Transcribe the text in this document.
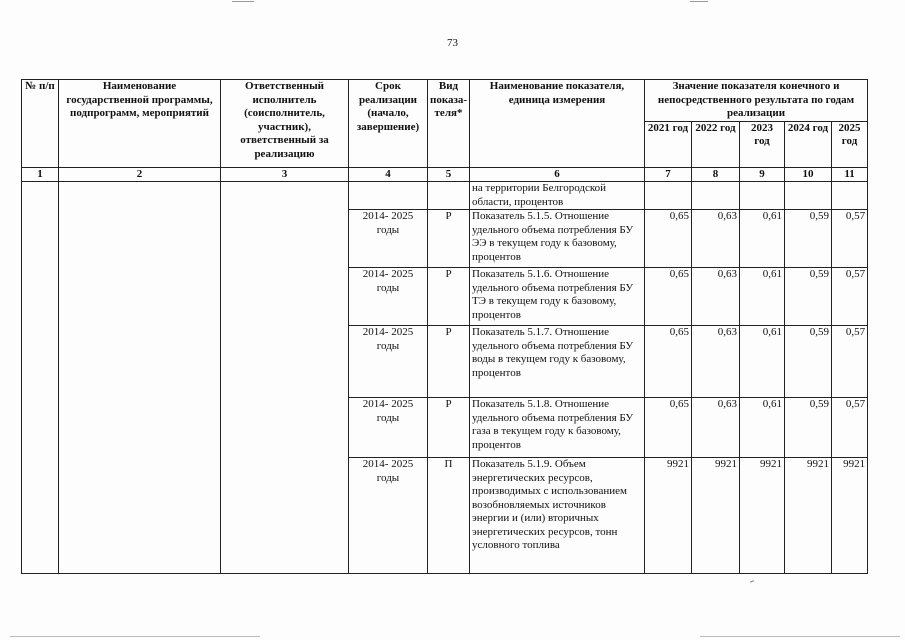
73
№ п/п	Наименование государственной программы, подпрограмм, мероприятий	Ответственный исполнитель (соисполнитель, участник), ответственный за реализацию	Срок реализации (начало, завершение)	Вид показа- теля*	Наименование показателя, единица измерения	Значение показателя конечного и непосредственного результата по годам реализации				
						2021 год	2022 год	2023 год	2024 год	2025 год
1	2	3	4	5	6	7	8	9	10	11
					на территории Белгородской области, процентов					
			2014- 2025 годы	Р	Показатель 5.1.5. Отношение удельного объема потребления БУ ЭЭ в текущем году к базовому, процентов	0,65	0,63	0,61	0,59	0,57
			2014- 2025 годы	Р	Показатель 5.1.6. Отношение удельного объема потребления БУ ТЭ в текущем году к базовому, процентов	0,65	0,63	0,61	0,59	0,57
			2014- 2025 годы	Р	Показатель 5.1.7. Отношение удельного объема потребления БУ воды в текущем году к базовому, процентов	0,65	0,63	0,61	0,59	0,57
			2014- 2025 годы	Р	Показатель 5.1.8. Отношение удельного объема потребления БУ газа в текущем году к базовому, процентов	0,65	0,63	0,61	0,59	0,57
			2014- 2025 годы	П	Показатель 5.1.9. Объем энергетических ресурсов, производимых с использованием возобновляемых источников энергии и (или) вторичных энергетических ресурсов, тонн условного топлива	9921	9921	9921	9921	9921
